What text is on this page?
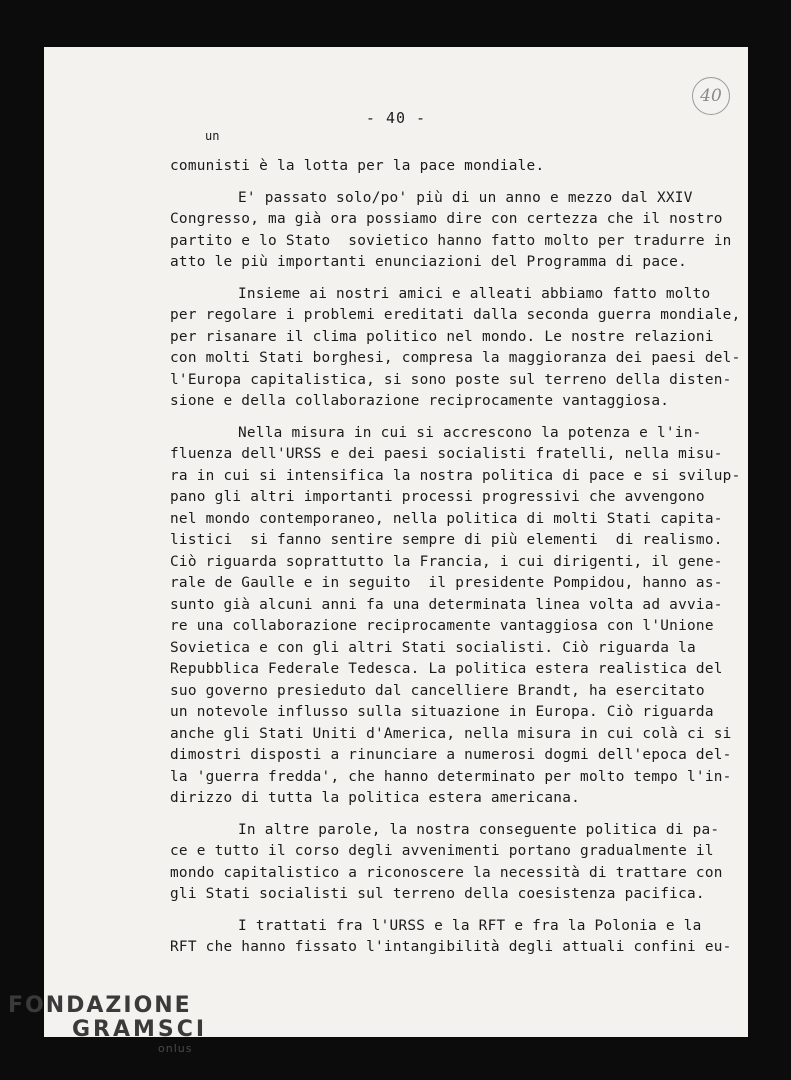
- 40 -
40
comunisti è la lotta per la pace mondiale.
E' passato solo/po' più di un anno e mezzo dal XXIV
Congresso, ma già ora possiamo dire con certezza che il nostro
partito e lo Stato  sovietico hanno fatto molto per tradurre in
atto le più importanti enunciazioni del Programma di pace.
Insieme ai nostri amici e alleati abbiamo fatto molto
per regolare i problemi ereditati dalla seconda guerra mondiale,
per risanare il clima politico nel mondo. Le nostre relazioni
con molti Stati borghesi, compresa la maggioranza dei paesi del-
l'Europa capitalistica, si sono poste sul terreno della disten-
sione e della collaborazione reciprocamente vantaggiosa.
Nella misura in cui si accrescono la potenza e l'in-
fluenza dell'URSS e dei paesi socialisti fratelli, nella misu-
ra in cui si intensifica la nostra politica di pace e si svilup-
pano gli altri importanti processi progressivi che avvengono
nel mondo contemporaneo, nella politica di molti Stati capita-
listici  si fanno sentire sempre di più elementi  di realismo.
Ciò riguarda soprattutto la Francia, i cui dirigenti, il gene-
rale de Gaulle e in seguito  il presidente Pompidou, hanno as-
sunto già alcuni anni fa una determinata linea volta ad avvia-
re una collaborazione reciprocamente vantaggiosa con l'Unione
Sovietica e con gli altri Stati socialisti. Ciò riguarda la
Repubblica Federale Tedesca. La politica estera realistica del
suo governo presieduto dal cancelliere Brandt, ha esercitato
un notevole influsso sulla situazione in Europa. Ciò riguarda
anche gli Stati Uniti d'America, nella misura in cui colà ci si
dimostri disposti a rinunciare a numerosi dogmi dell'epoca del-
la 'guerra fredda', che hanno determinato per molto tempo l'in-
dirizzo di tutta la politica estera americana.
In altre parole, la nostra conseguente politica di pa-
ce e tutto il corso degli avvenimenti portano gradualmente il
mondo capitalistico a riconoscere la necessità di trattare con
gli Stati socialisti sul terreno della coesistenza pacifica.
I trattati fra l'URSS e la RFT e fra la Polonia e la
RFT che hanno fissato l'intangibilità degli attuali confini eu-
un
FONDAZIONE
GRAMSCI
onlus
